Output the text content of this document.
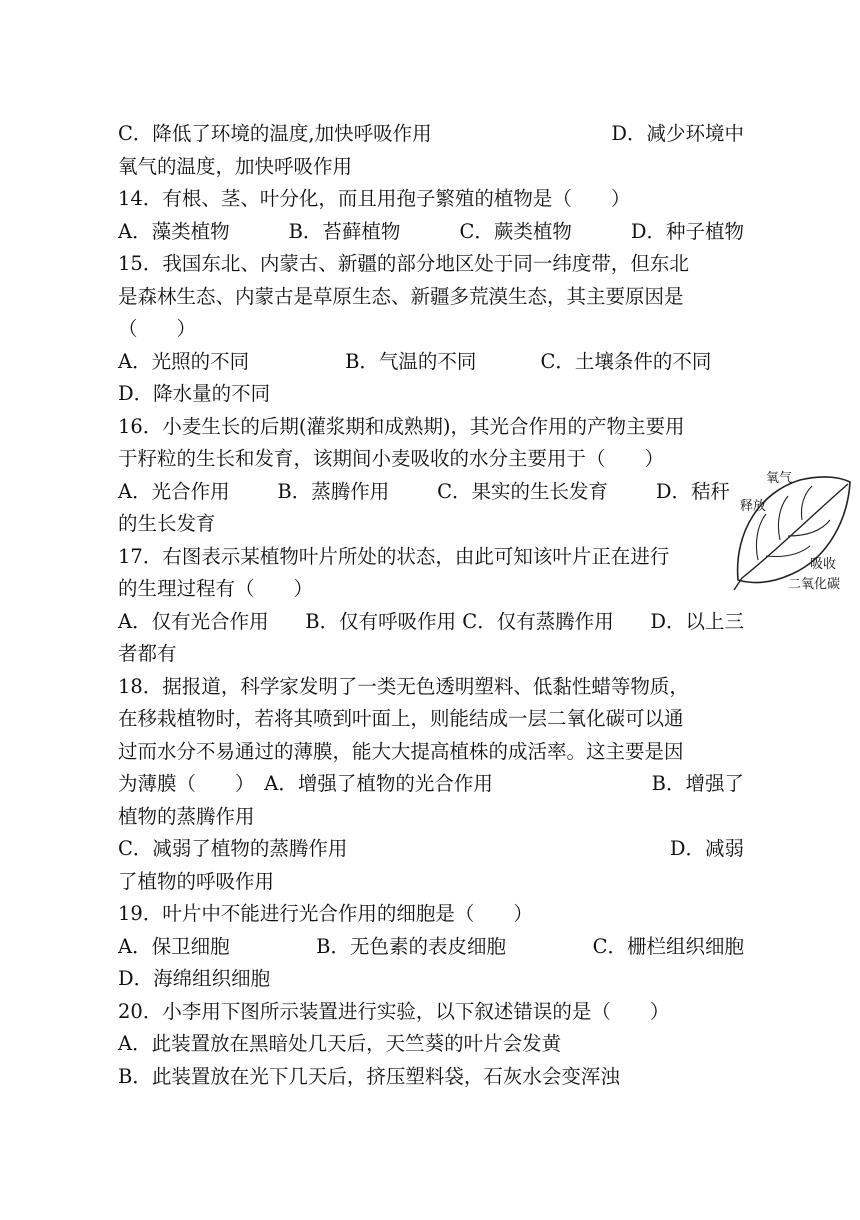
C．降低了环境的温度,加快呼吸作用	D．减少环境中
氧气的温度，加快呼吸作用
14．有根、茎、叶分化，而且用孢子繁殖的植物是（　　）
A．藻类植物	B．苔藓植物	C．蕨类植物	D．种子植物
15．我国东北、内蒙古、新疆的部分地区处于同一纬度带，但东北
是森林生态、内蒙古是草原生态、新疆多荒漠生态，其主要原因是
（　　）
A．光照的不同	B．气温的不同	C．土壤条件的不同
D．降水量的不同
16．小麦生长的后期(灌浆期和成熟期)，其光合作用的产物主要用
于籽粒的生长和发育，该期间小麦吸收的水分主要用于（　　）
A．光合作用 B．蒸腾作用 C．果实的生长发育 D．秸秆
的生长发育
17．右图表示某植物叶片所处的状态，由此可知该叶片正在进行
的生理过程有（　　）
A．仅有光合作用 B．仅有呼吸作用 C．仅有蒸腾作用 D．以上三
者都有
18．据报道，科学家发明了一类无色透明塑料、低黏性蜡等物质，
在移栽植物时，若将其喷到叶面上，则能结成一层二氧化碳可以通
过而水分不易通过的薄膜，能大大提高植株的成活率。这主要是因
为薄膜（　　）　A．增强了植物的光合作用	B．增强了
植物的蒸腾作用
C．减弱了植物的蒸腾作用	D．减弱
了植物的呼吸作用
19．叶片中不能进行光合作用的细胞是（　　）
A．保卫细胞	B．无色素的表皮细胞	C．栅栏组织细胞
D．海绵组织细胞
20．小李用下图所示装置进行实验，以下叙述错误的是（　　）
A．此装置放在黑暗处几天后，天竺葵的叶片会发黄
B．此装置放在光下几天后，挤压塑料袋，石灰水会变浑浊
氧气
释放
吸收
二氧化碳
